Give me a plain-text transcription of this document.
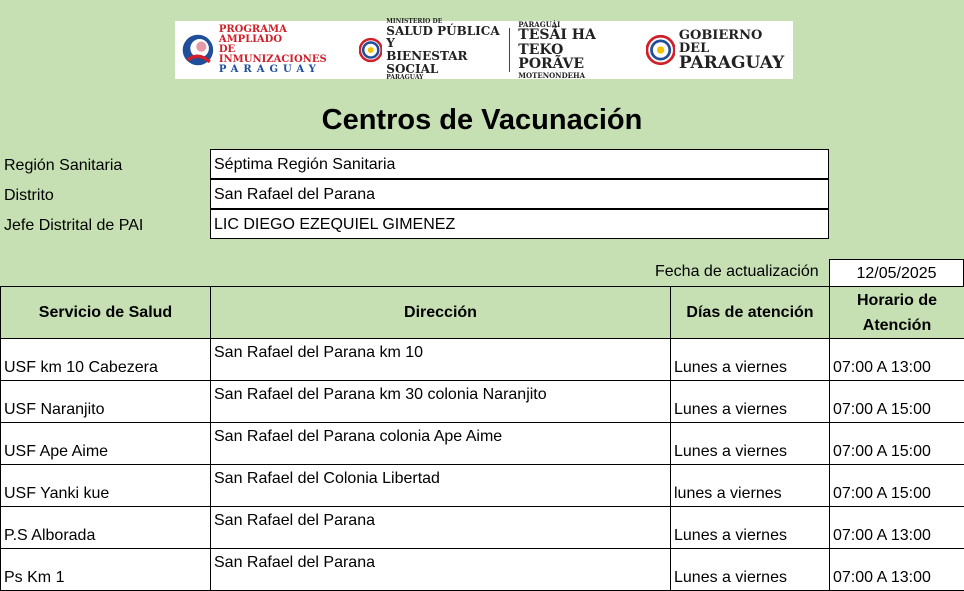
PROGRAMA AMPLIADO
DE INMUNIZACIONES
PARAGUAY
MINISTERIO DE
SALUD PÚBLICA Y
BIENESTAR SOCIAL
PARAGUAY
PARAGUÁI
TESÃI HA TEKO
PORÃVE
MOTENONDEHA
GOBIERNO DEL
PARAGUAY
Centros de Vacunación
Región Sanitaria	Séptima Región Sanitaria
Distrito	San Rafael del Parana
Jefe Distrital de PAI	LIC DIEGO EZEQUIEL GIMENEZ
Fecha de actualización	12/05/2025
Servicio de Salud	Dirección	Días de atención	Horario de Atención
USF km 10 Cabezera	San Rafael del Parana km 10	Lunes a viernes	07:00 A 13:00
USF Naranjito	San Rafael del Parana km 30 colonia Naranjito	Lunes a viernes	07:00 A 15:00
USF Ape Aime	San Rafael del Parana colonia Ape Aime	Lunes a viernes	07:00 A 15:00
USF Yanki kue	San Rafael del Colonia Libertad	lunes a viernes	07:00 A 15:00
P.S Alborada	San Rafael del Parana	Lunes a viernes	07:00 A 13:00
Ps Km 1	San Rafael del Parana	Lunes a viernes	07:00 A 13:00
